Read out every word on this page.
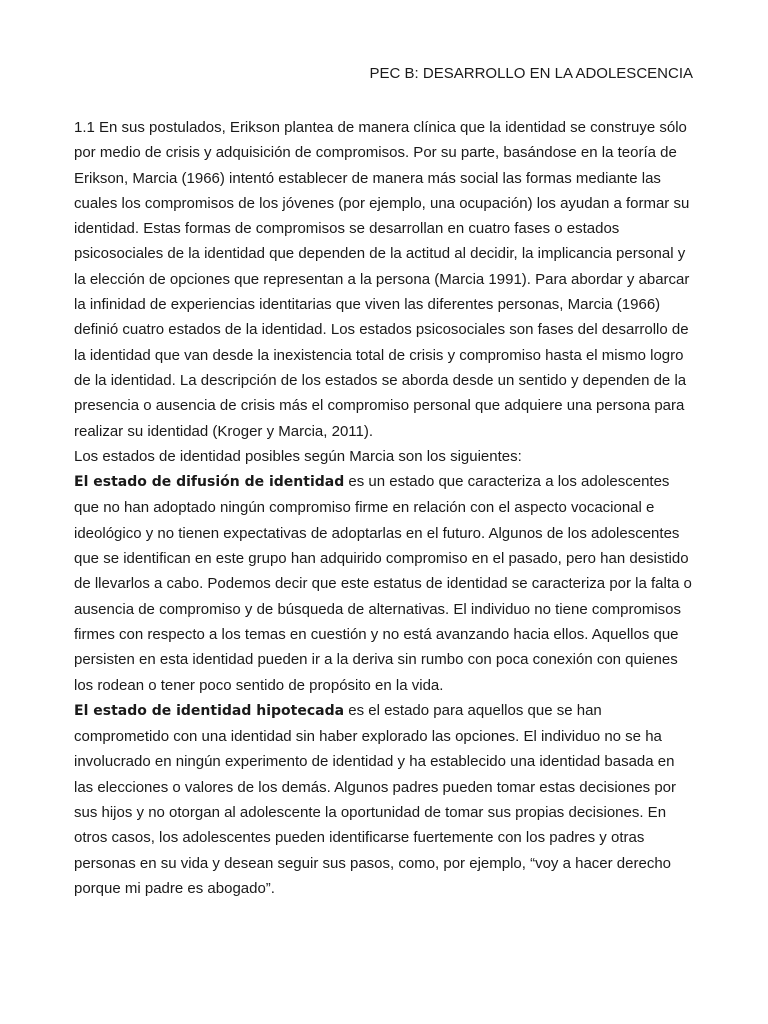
PEC B: DESARROLLO EN LA ADOLESCENCIA

1.1 En sus postulados, Erikson plantea de manera clínica que la identidad se construye sólo por medio de crisis y adquisición de compromisos. Por su parte, basándose en la teoría de Erikson, Marcia (1966) intentó establecer de manera más social las formas mediante las cuales los compromisos de los jóvenes (por ejemplo, una ocupación) los ayudan a formar su identidad. Estas formas de compromisos se desarrollan en cuatro fases o estados psicosociales de la identidad que dependen de la actitud al decidir, la implicancia personal y la elección de opciones que representan a la persona (Marcia 1991). Para abordar y abarcar la infinidad de experiencias identitarias que viven las diferentes personas, Marcia (1966) definió cuatro estados de la identidad. Los estados psicosociales son fases del desarrollo de la identidad que van desde la inexistencia total de crisis y compromiso hasta el mismo logro de la identidad. La descripción de los estados se aborda desde un sentido y dependen de la presencia o ausencia de crisis más el compromiso personal que adquiere una persona para realizar su identidad (Kroger y Marcia, 2011).

Los estados de identidad posibles según Marcia son los siguientes:

El estado de difusión de identidad es un estado que caracteriza a los adolescentes que no han adoptado ningún compromiso firme en relación con el aspecto vocacional e ideológico y no tienen expectativas de adoptarlas en el futuro. Algunos de los adolescentes que se identifican en este grupo han adquirido compromiso en el pasado, pero han desistido de llevarlos a cabo. Podemos decir que este estatus de identidad se caracteriza por la falta o ausencia de compromiso y de búsqueda de alternativas. El individuo no tiene compromisos firmes con respecto a los temas en cuestión y no está avanzando hacia ellos. Aquellos que persisten en esta identidad pueden ir a la deriva sin rumbo con poca conexión con quienes los rodean o tener poco sentido de propósito en la vida.

El estado de identidad hipotecada es el estado para aquellos que se han comprometido con una identidad sin haber explorado las opciones. El individuo no se ha involucrado en ningún experimento de identidad y ha establecido una identidad basada en las elecciones o valores de los demás. Algunos padres pueden tomar estas decisiones por sus hijos y no otorgan al adolescente la oportunidad de tomar sus propias decisiones. En otros casos, los adolescentes pueden identificarse fuertemente con los padres y otras personas en su vida y desean seguir sus pasos, como, por ejemplo, “voy a hacer derecho porque mi padre es abogado”.
